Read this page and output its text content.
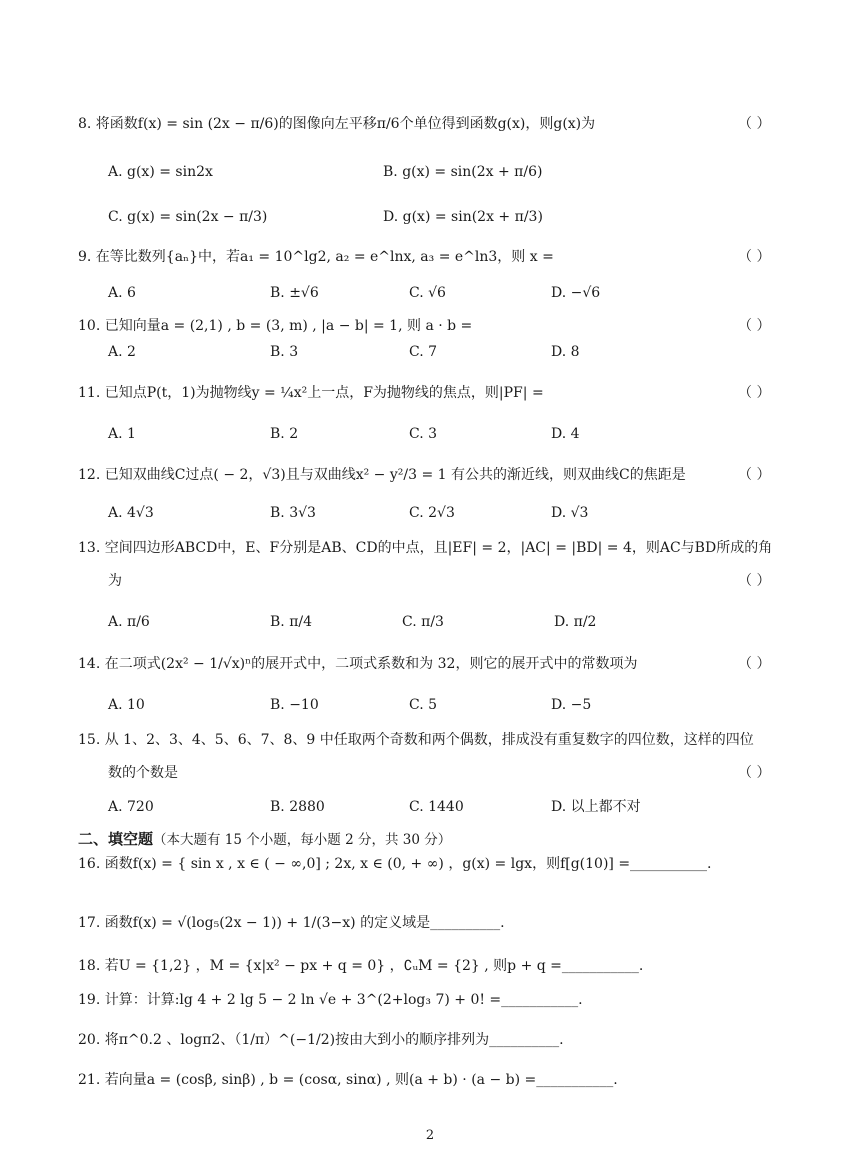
8. 将函数f(x) = sin (2x − π/6)的图像向左平移π/6个单位得到函数g(x)，则g(x)为	（ ）
A. g(x) = sin2x	B. g(x) = sin(2x + π/6)
C. g(x) = sin(2x − π/3)	D. g(x) = sin(2x + π/3)
9. 在等比数列{aₙ}中，若a₁ = 10^lg2, a₂ = e^lnx, a₃ = e^ln3，则 x =	（ ）
A. 6	B. ±√6	C. √6	D. −√6
10. 已知向量a = (2,1) , b = (3, m) , |a − b| = 1, 则 a · b =	（ ）
A. 2	B. 3	C. 7	D. 8
11. 已知点P(t，1)为抛物线y = ¼x²上一点，F为抛物线的焦点，则|PF| =	（ ）
A. 1	B. 2	C. 3	D. 4
12. 已知双曲线C过点( − 2，√3)且与双曲线x² − y²/3 = 1 有公共的渐近线，则双曲线C的焦距是	（ ）
A. 4√3	B. 3√3	C. 2√3	D. √3
13. 空间四边形ABCD中，E、F分别是AB、CD的中点，且|EF| = 2，|AC| = |BD| = 4，则AC与BD所成的角
为	（ ）
A. π/6	B. π/4	C. π/3	D. π/2
14. 在二项式(2x² − 1/√x)ⁿ的展开式中，二项式系数和为 32，则它的展开式中的常数项为	（ ）
A. 10	B. −10	C. 5	D. −5
15. 从 1、2、3、4、5、6、7、8、9 中任取两个奇数和两个偶数，排成没有重复数字的四位数，这样的四位
数的个数是	（ ）
A. 720	B. 2880	C. 1440	D. 以上都不对
二、填空题（本大题有 15 个小题，每小题 2 分，共 30 分）
16. 函数f(x) = { sin x , x ∈ ( − ∞,0] ; 2x, x ∈ (0, + ∞) ，g(x) = lgx，则f[g(10)] =___________.
17. 函数f(x) = √(log₅(2x − 1)) + 1/(3−x) 的定义域是__________.
18. 若U = {1,2} ，M = {x|x² − px + q = 0} ，∁ᵤM = {2} , 则p + q =___________.
19. 计算：计算:lg 4 + 2 lg 5 − 2 ln √e + 3^(2+log₃ 7) + 0! =___________.
20. 将π^0.2 、logπ2、（1/π）^(−1/2)按由大到小的顺序排列为__________.
21. 若向量a = (cosβ, sinβ) , b = (cosα, sinα) , 则(a + b) · (a − b) =___________.
2
